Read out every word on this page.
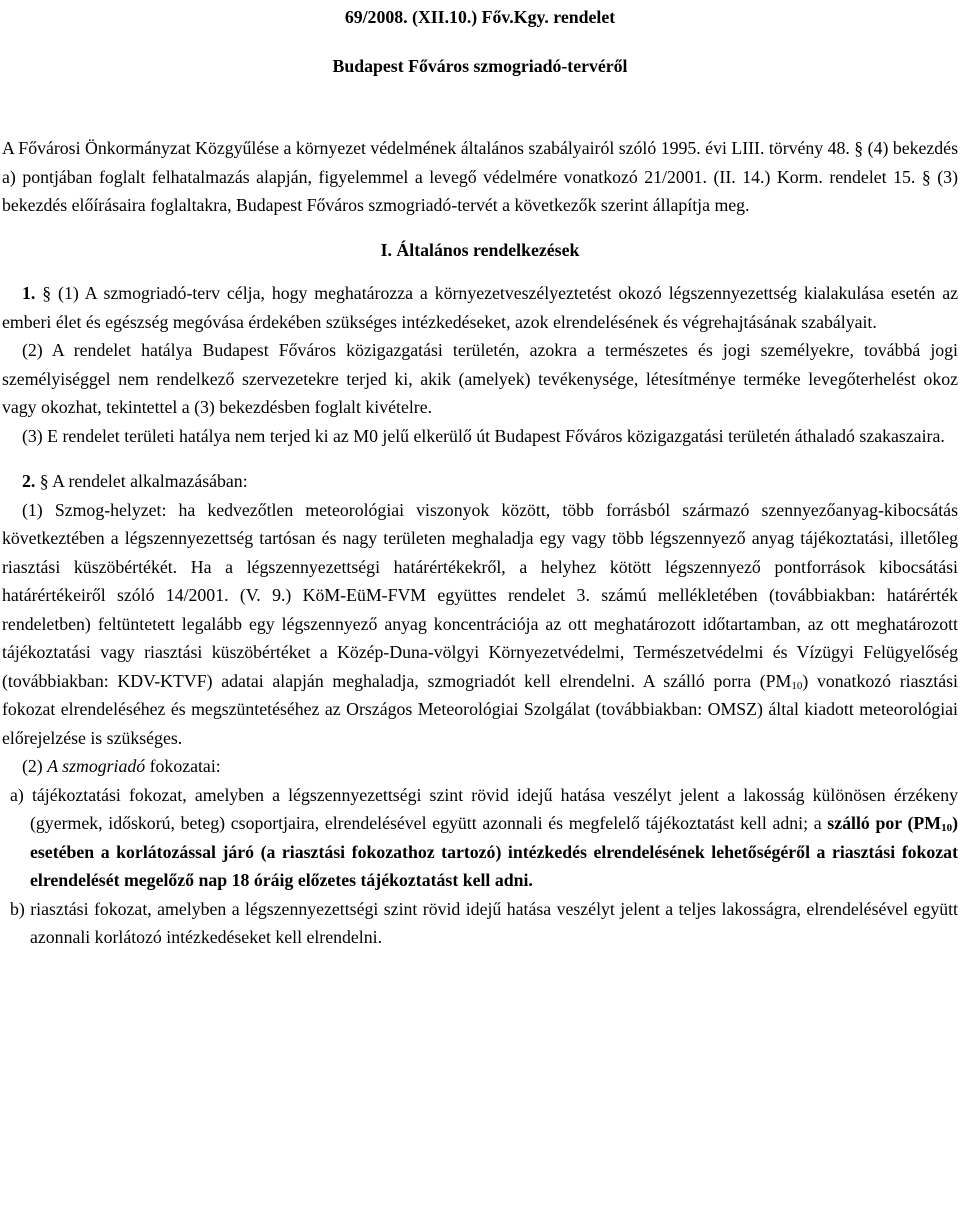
69/2008. (XII.10.) Főv.Kgy. rendelet
Budapest Főváros szmogriadó-tervéről

A Fővárosi Önkormányzat Közgyűlése a környezet védelmének általános szabályairól szóló 1995. évi LIII. törvény 48. § (4) bekezdés a) pontjában foglalt felhatalmazás alapján, figyelemmel a levegő védelmére vonatkozó 21/2001. (II. 14.) Korm. rendelet 15. § (3) bekezdés előírásaira foglaltakra, Budapest Főváros szmogriadó-tervét a következők szerint állapítja meg.

I. Általános rendelkezések

1. § (1) A szmogriadó-terv célja, hogy meghatározza a környezetveszélyeztetést okozó légszennyezettség kialakulása esetén az emberi élet és egészség megóvása érdekében szükséges intézkedéseket, azok elrendelésének és végrehajtásának szabályait.

(2) A rendelet hatálya Budapest Főváros közigazgatási területén, azokra a természetes és jogi személyekre, továbbá jogi személyiséggel nem rendelkező szervezetekre terjed ki, akik (amelyek) tevékenysége, létesítménye terméke levegőterhelést okoz vagy okozhat, tekintettel a (3) bekezdésben foglalt kivételre.

(3) E rendelet területi hatálya nem terjed ki az M0 jelű elkerülő út Budapest Főváros közigazgatási területén áthaladó szakaszaira.

2. § A rendelet alkalmazásában:

(1) Szmog-helyzet: ha kedvezőtlen meteorológiai viszonyok között, több forrásból származó szennyezőanyag-kibocsátás következtében a légszennyezettség tartósan és nagy területen meghaladja egy vagy több légszennyező anyag tájékoztatási, illetőleg riasztási küszöbértékét. Ha a légszennyezettségi határértékekről, a helyhez kötött légszennyező pontforrások kibocsátási határértékeiről szóló 14/2001. (V. 9.) KöM-EüM-FVM együttes rendelet 3. számú mellékletében (továbbiakban: határérték rendeletben) feltüntetett legalább egy légszennyező anyag koncentrációja az ott meghatározott időtartamban, az ott meghatározott tájékoztatási vagy riasztási küszöbértéket a Közép-Duna-völgyi Környezetvédelmi, Természetvédelmi és Vízügyi Felügyelőség (továbbiakban: KDV-KTVF) adatai alapján meghaladja, szmogriadót kell elrendelni. A szálló porra $(PM_{10})$ vonatkozó riasztási fokozat elrendeléséhez és megszüntetéséhez az Országos Meteorológiai Szolgálat (továbbiakban: OMSZ) által kiadott meteorológiai előrejelzése is szükséges.

(2) A szmogriadó fokozatai:

a) tájékoztatási fokozat, amelyben a légszennyezettségi szint rövid idejű hatása veszélyt jelent a lakosság különösen érzékeny (gyermek, időskorú, beteg) csoportjaira, elrendelésével együtt azonnali és megfelelő tájékoztatást kell adni; a szálló por $(PM_{10})$ esetében a korlátozással járó (a riasztási fokozathoz tartozó) intézkedés elrendelésének lehetőségéről a riasztási fokozat elrendelését megelőző nap 18 óráig előzetes tájékoztatást kell adni.

b) riasztási fokozat, amelyben a légszennyezettségi szint rövid idejű hatása veszélyt jelent a teljes lakosságra, elrendelésével együtt azonnali korlátozó intézkedéseket kell elrendelni.
